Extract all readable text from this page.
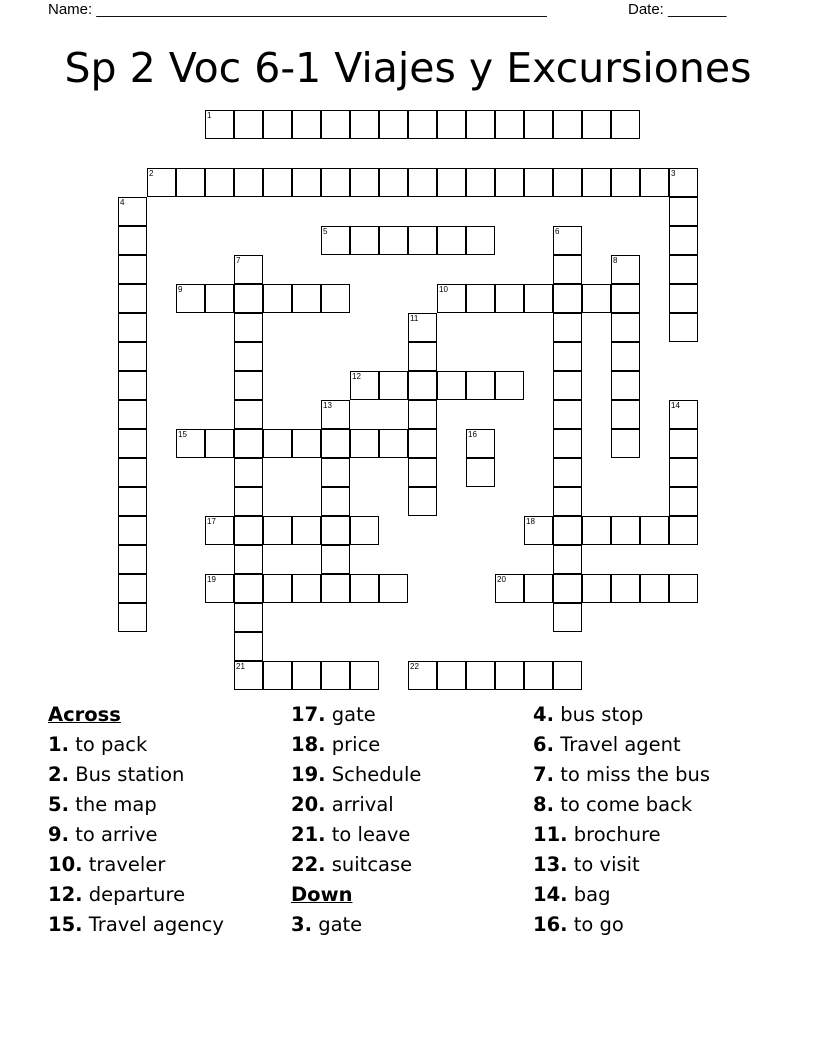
Name: ______________________________________________________	Date: _______
Sp 2 Voc 6-1 Viajes y Excursiones
1
2	3
4
5	6
7
21
8
9	10
11
12
13	14
15	16
17	18
19	20
22
Across
1. to pack
2. Bus station
5. the map
9. to arrive
10. traveler
12. departure
15. Travel agency
17. gate
18. price
19. Schedule
20. arrival
21. to leave
22. suitcase
Down
3. gate
4. bus stop
6. Travel agent
7. to miss the bus
8. to come back
11. brochure
13. to visit
14. bag
16. to go
